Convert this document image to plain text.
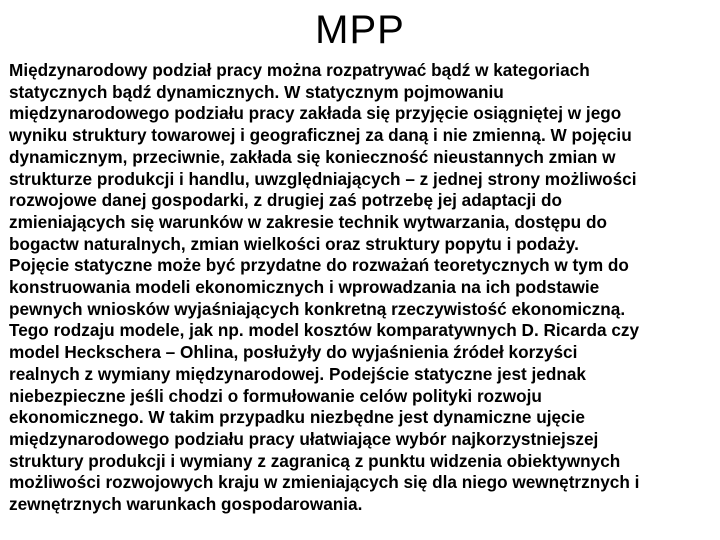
MPP
Międzynarodowy podział pracy można rozpatrywać bądź w kategoriach
statycznych bądź dynamicznych. W statycznym pojmowaniu
międzynarodowego podziału pracy zakłada się przyjęcie osiągniętej w jego
wyniku struktury towarowej i geograficznej za daną i nie zmienną. W pojęciu
dynamicznym, przeciwnie, zakłada się konieczność nieustannych zmian w
strukturze produkcji i handlu, uwzględniających – z jednej strony możliwości
rozwojowe danej gospodarki, z drugiej zaś potrzebę jej adaptacji do
zmieniających się warunków w zakresie technik wytwarzania, dostępu do
bogactw naturalnych, zmian wielkości oraz struktury popytu i podaży.
Pojęcie statyczne może być przydatne do rozważań teoretycznych w tym do
konstruowania modeli ekonomicznych i wprowadzania na ich podstawie
pewnych wniosków wyjaśniających konkretną rzeczywistość ekonomiczną.
Tego rodzaju modele, jak np. model kosztów komparatywnych D. Ricarda czy
model Heckschera – Ohlina, posłużyły do wyjaśnienia źródeł korzyści
realnych z wymiany międzynarodowej. Podejście statyczne jest jednak
niebezpieczne jeśli chodzi o formułowanie celów polityki rozwoju
ekonomicznego. W takim przypadku niezbędne jest dynamiczne ujęcie
międzynarodowego podziału pracy ułatwiające wybór najkorzystniejszej
struktury produkcji i wymiany z zagranicą z punktu widzenia obiektywnych
możliwości rozwojowych kraju w zmieniających się dla niego wewnętrznych i
zewnętrznych warunkach gospodarowania.
